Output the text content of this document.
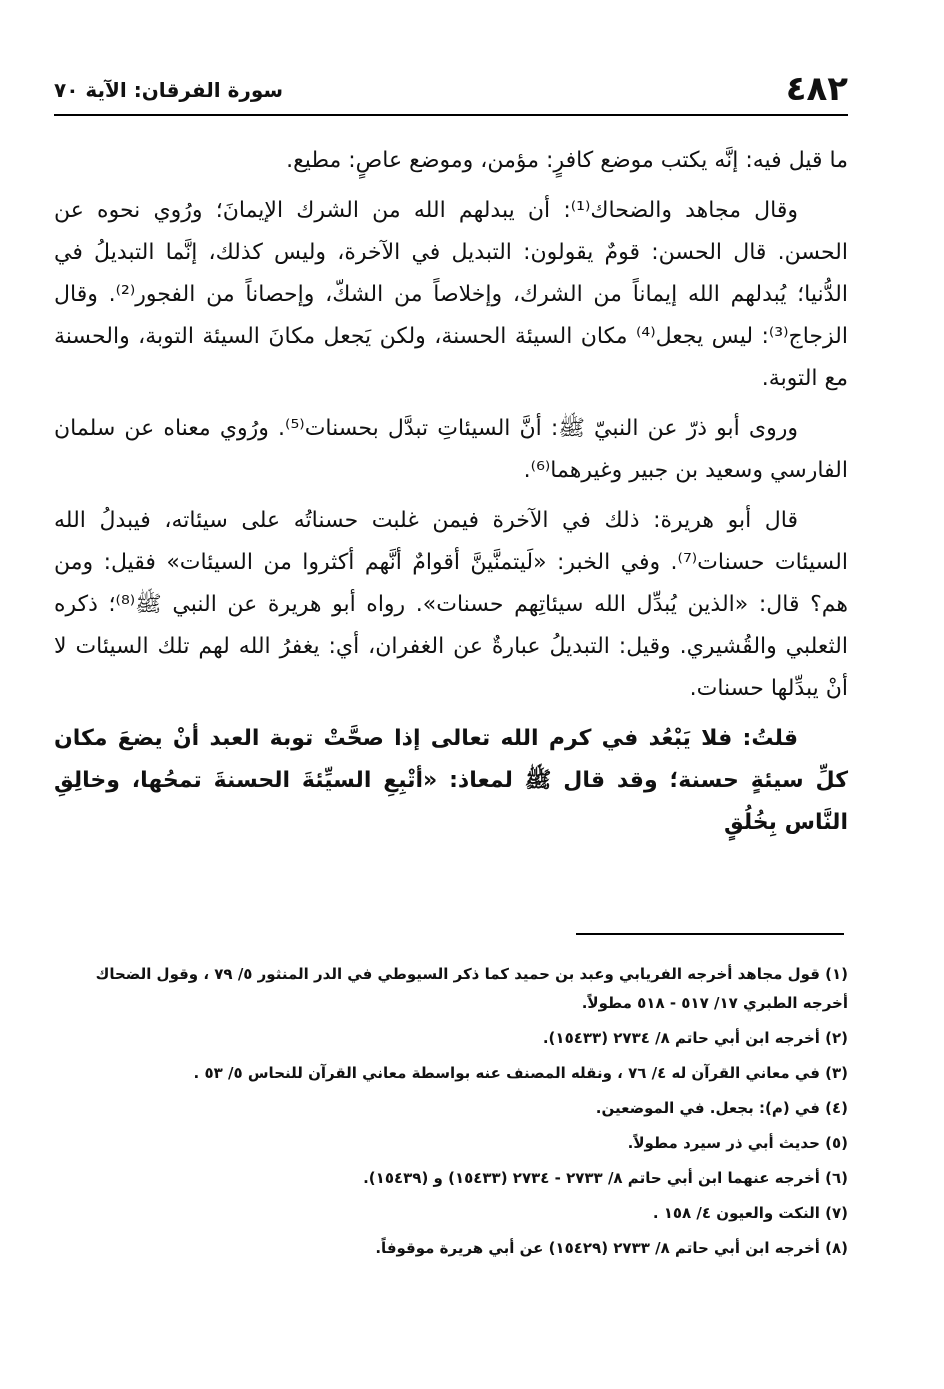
٤٨٢
سورة الفرقان: الآية ٧٠

ما قيل فيه: إنَّه يكتب موضع كافرٍ: مؤمن، وموضع عاصٍ: مطيع.

وقال مجاهد والضحاك⁽¹⁾: أن يبدلهم الله من الشرك الإيمانَ؛ ورُوي نحوه عن الحسن. قال الحسن: قومٌ يقولون: التبديل في الآخرة، وليس كذلك، إنَّما التبديلُ في الدُّنيا؛ يُبدلهم الله إيماناً من الشرك، وإخلاصاً من الشكّ، وإحصاناً من الفجور⁽²⁾. وقال الزجاج⁽³⁾: ليس يجعل⁽⁴⁾ مكان السيئة الحسنة، ولكن يَجعل مكانَ السيئة التوبة، والحسنة مع التوبة.

وروى أبو ذرّ عن النبيّ ﷺ: أنَّ السيئاتِ تبدَّل بحسنات⁽⁵⁾. ورُوي معناه عن سلمان الفارسي وسعيد بن جبير وغيرهما⁽⁶⁾.

قال أبو هريرة: ذلك في الآخرة فيمن غلبت حسناتُه على سيئاته، فيبدلُ الله السيئات حسنات⁽⁷⁾. وفي الخبر: «لَيتمنَّينَّ أقوامٌ أنَّهم أكثروا من السيئات» فقيل: ومن هم؟ قال: «الذين يُبدِّل الله سيئاتِهم حسنات». رواه أبو هريرة عن النبي ﷺ⁽⁸⁾؛ ذكره الثعلبي والقُشيري. وقيل: التبديلُ عبارةٌ عن الغفران، أي: يغفرُ الله لهم تلك السيئات لا أنْ يبدِّلها حسنات.

قلتُ: فلا يَبْعُد في كرم الله تعالى إذا صحَّتْ توبة العبد أنْ يضعَ مكان كلِّ سيئةٍ حسنة؛ وقد قال ﷺ لمعاذ: «أتْبِعِ السيِّئةَ الحسنةَ تمحُها، وخالِقِ النَّاس بِخُلُقٍ

(١) قول مجاهد أخرجه الفريابي وعبد بن حميد كما ذكر السيوطي في الدر المنثور ٥/ ٧٩ ، وقول الضحاك أخرجه الطبري ١٧/ ٥١٧ - ٥١٨ مطولاً.

(٢) أخرجه ابن أبي حاتم ٨/ ٢٧٣٤ (١٥٤٣٣).

(٣) في معاني القرآن له ٤/ ٧٦ ، ونقله المصنف عنه بواسطة معاني القرآن للنحاس ٥/ ٥٣ .

(٤) في (م): بجعل. في الموضعين.

(٥) حديث أبي ذر سيرد مطولاً.

(٦) أخرجه عنهما ابن أبي حاتم ٨/ ٢٧٣٣ - ٢٧٣٤ (١٥٤٣٣) و (١٥٤٣٩).

(٧) النكت والعيون ٤/ ١٥٨ .

(٨) أخرجه ابن أبي حاتم ٨/ ٢٧٣٣ (١٥٤٢٩) عن أبي هريرة موقوفاً.
